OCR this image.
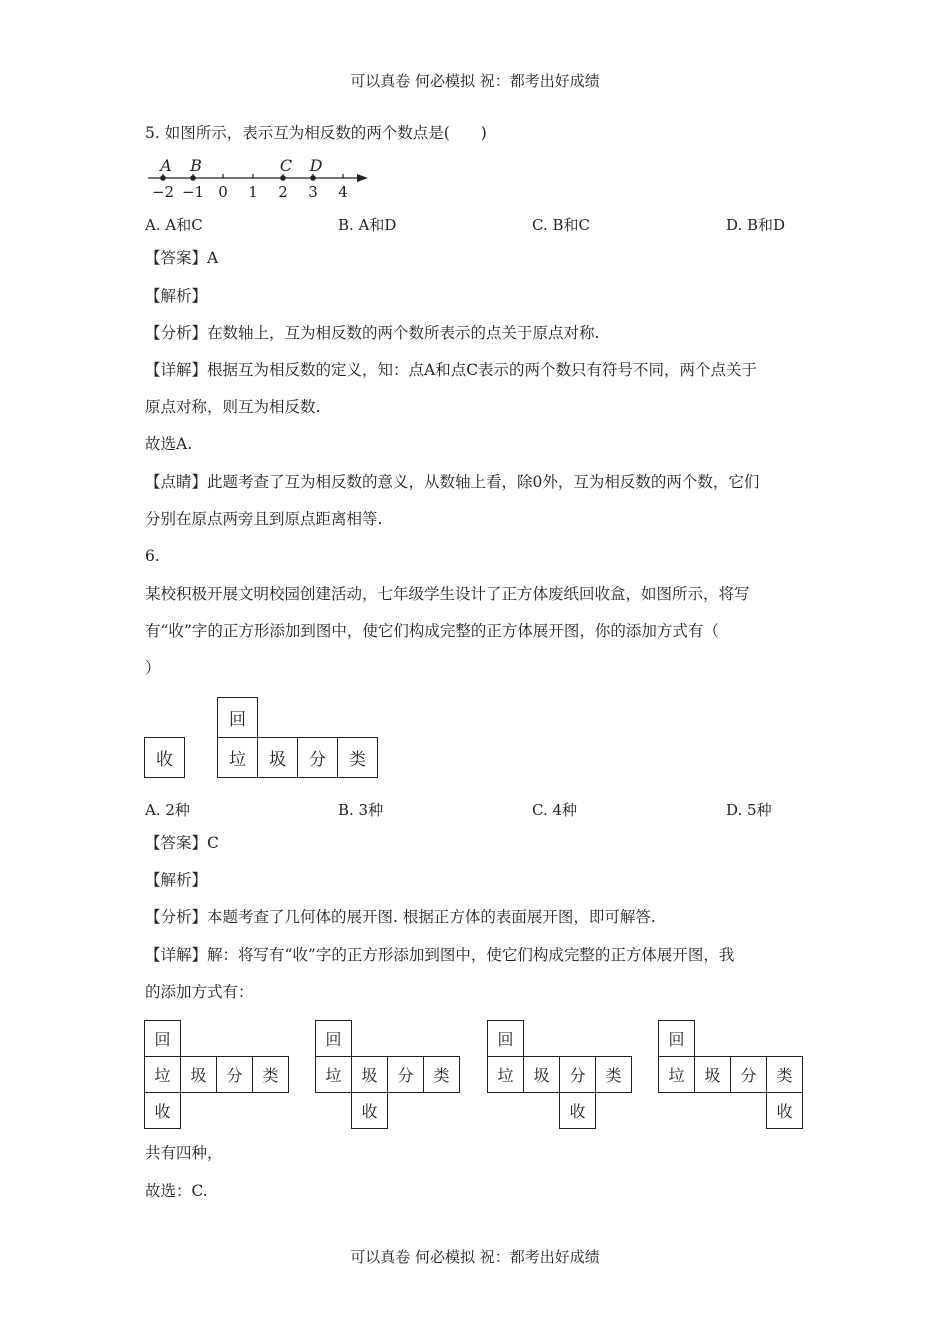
可以真卷 何必模拟 祝：都考出好成绩
5. 如图所示，表示互为相反数的两个数点是(　　)
−2 −1 0 1 2 3 4
A B	C D
A. A和C	B. A和D	C. B和C	D. B和D
【答案】A
【解析】
【分析】在数轴上，互为相反数的两个数所表示的点关于原点对称.
【详解】根据互为相反数的定义，知：点A和点C表示的两个数只有符号不同，两个点关于
原点对称，则互为相反数.
故选A.
【点睛】此题考查了互为相反数的意义，从数轴上看，除0外，互为相反数的两个数，它们
分别在原点两旁且到原点距离相等.
6.
某校积极开展文明校园创建活动，七年级学生设计了正方体废纸回收盒，如图所示，将写
有“收”字的正方形添加到图中，使它们构成完整的正方体展开图，你的添加方式有（
）
收
回
垃	圾	分	类
A. 2种	B. 3种	C. 4种	D. 5种
【答案】C
【解析】
【分析】本题考查了几何体的展开图. 根据正方体的表面展开图，即可解答.
【详解】解：将写有“收”字的正方形添加到图中，使它们构成完整的正方体展开图，我
的添加方式有：
回
垃	圾	分	类
收
回
垃	圾	分	类
收
回
垃	圾	分	类
收
回
垃	圾	分	类
收
共有四种，
故选：C.
可以真卷 何必模拟 祝：都考出好成绩
